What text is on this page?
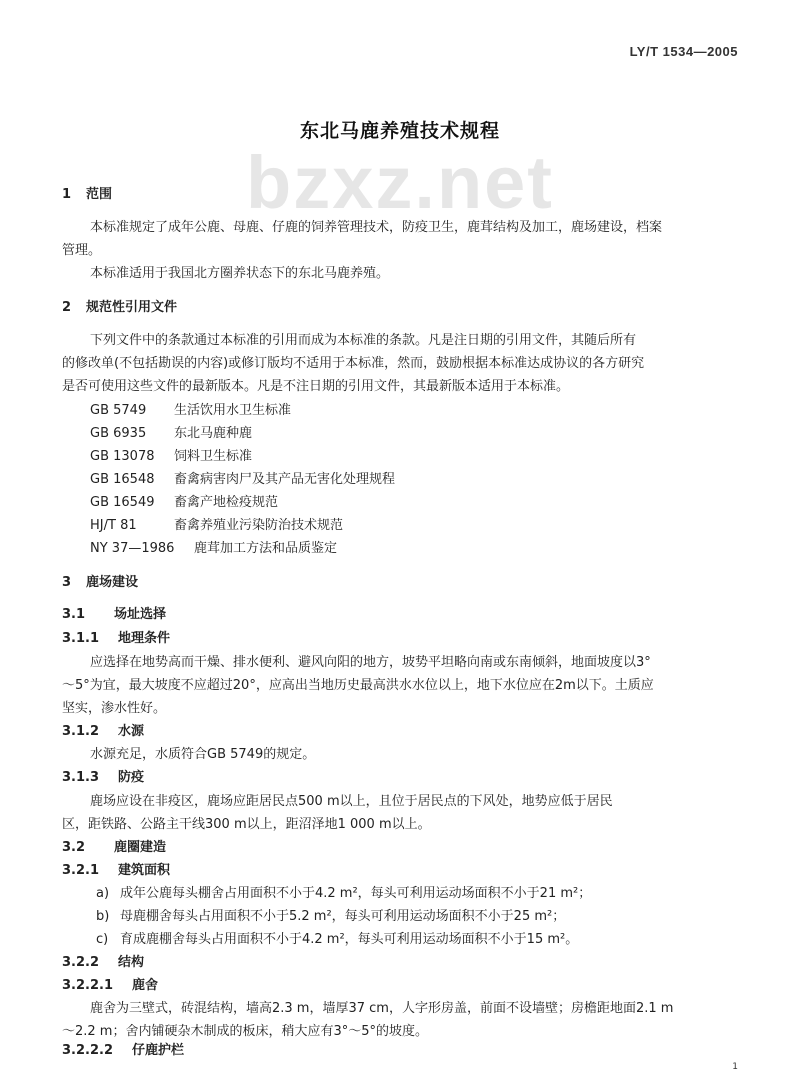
LY/T 1534—2005
bzxz.net
东北马鹿养殖技术规程
1 范围
本标准规定了成年公鹿、母鹿、仔鹿的饲养管理技术，防疫卫生，鹿茸结构及加工，鹿场建设，档案
管理。
本标准适用于我国北方圈养状态下的东北马鹿养殖。
2 规范性引用文件
下列文件中的条款通过本标准的引用而成为本标准的条款。凡是注日期的引用文件，其随后所有
的修改单(不包括勘误的内容)或修订版均不适用于本标准，然而，鼓励根据本标准达成协议的各方研究
是否可使用这些文件的最新版本。凡是不注日期的引用文件，其最新版本适用于本标准。
GB 5749 生活饮用水卫生标准
GB 6935 东北马鹿种鹿
GB 13078 饲料卫生标准
GB 16548 畜禽病害肉尸及其产品无害化处理规程
GB 16549 畜禽产地检疫规范
HJ/T 81	畜禽养殖业污染防治技术规范
NY 37—1986 鹿茸加工方法和品质鉴定
3 鹿场建设
3.1 场址选择
3.1.1 地理条件
应选择在地势高而干燥、排水便利、避风向阳的地方，坡势平坦略向南或东南倾斜，地面坡度以3°
～5°为宜，最大坡度不应超过20°，应高出当地历史最高洪水水位以上，地下水位应在2m以下。土质应
坚实，渗水性好。
3.1.2 水源
水源充足，水质符合GB 5749的规定。
3.1.3 防疫
鹿场应设在非疫区，鹿场应距居民点500 m以上，且位于居民点的下风处，地势应低于居民
区，距铁路、公路主干线300 m以上，距沼泽地1 000 m以上。
3.2 鹿圈建造
3.2.1 建筑面积
a) 成年公鹿每头棚舍占用面积不小于4.2 m²，每头可利用运动场面积不小于21 m²；
b) 母鹿棚舍每头占用面积不小于5.2 m²，每头可利用运动场面积不小于25 m²；
c) 育成鹿棚舍每头占用面积不小于4.2 m²，每头可利用运动场面积不小于15 m²。
3.2.2 结构
3.2.2.1 鹿舍
鹿舍为三壁式，砖混结构，墙高2.3 m，墙厚37 cm，人字形房盖，前面不设墙壁；房檐距地面2.1 m
～2.2 m；舍内铺硬杂木制成的板床，稍大应有3°～5°的坡度。
3.2.2.2 仔鹿护栏
1
